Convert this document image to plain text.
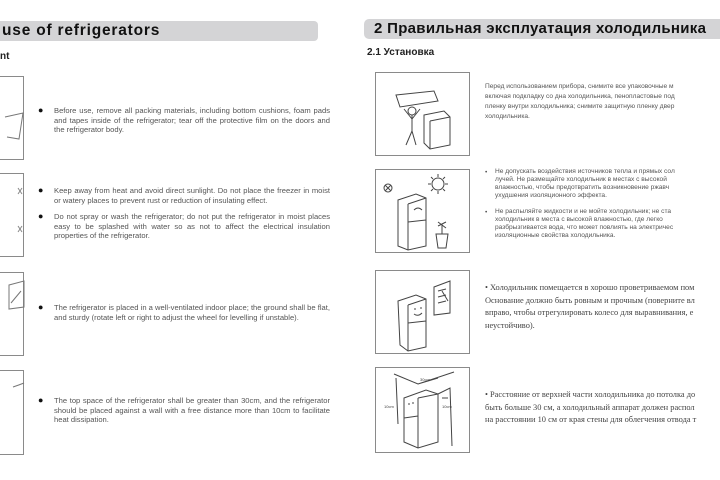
use of refrigerators
nt
●	Before use, remove all packing materials, including bottom cushions, foam pads and tapes inside of the refrigerator; tear off the protective film on the doors and the refrigerator body.
●	Keep away from heat and avoid direct sunlight. Do not place the freezer in moist or watery places to prevent rust or reduction of insulating effect.
●	Do not spray or wash the refrigerator; do not put the refrigerator in moist places easy to be splashed with water so as not to affect the electrical insulation properties of the refrigerator.
●	The refrigerator is placed in a well-ventilated indoor place; the ground shall be flat, and sturdy (rotate left or right to adjust the wheel for levelling if unstable).
●	The top space of the refrigerator shall be greater than 30cm, and the refrigerator should be placed against a wall with a free distance more than 10cm to facilitate heat dissipation.
2 Правильная эксплуатация холодильника
2.1 Установка
Перед использованием прибора, снимите все упаковочные м
включая подкладку со дна холодильника, пенопластовые под
пленку внутри холодильника; снимите защитную пленку двер
холодильника.
•	Не допускать воздействия источников тепла и прямых сол
лучей. Не размещайте холодильник в местах с высокой
влажностью, чтобы предотвратить возникновение ржавч
ухудшения изоляционного эффекта.
•	Не распыляйте жидкости и не мойте холодильник; не ста
холодильник в места с высокой влажностью, где легко
разбрызгивается вода, что может повлиять на электричес
изоляционные свойства холодильника.
• Холодильник помещается в хорошо проветриваемом пом
Основание должно быть ровным и прочным (поверните вл
вправо, чтобы отрегулировать колесо для выравнивания, е
неустойчиво).
30cm
10cm	10cm
• Расстояние от верхней части холодильника до потолка до
быть больше 30 см, а холодильный аппарат должен распол
на расстоянии 10 см от края стены для облегчения отвода т
